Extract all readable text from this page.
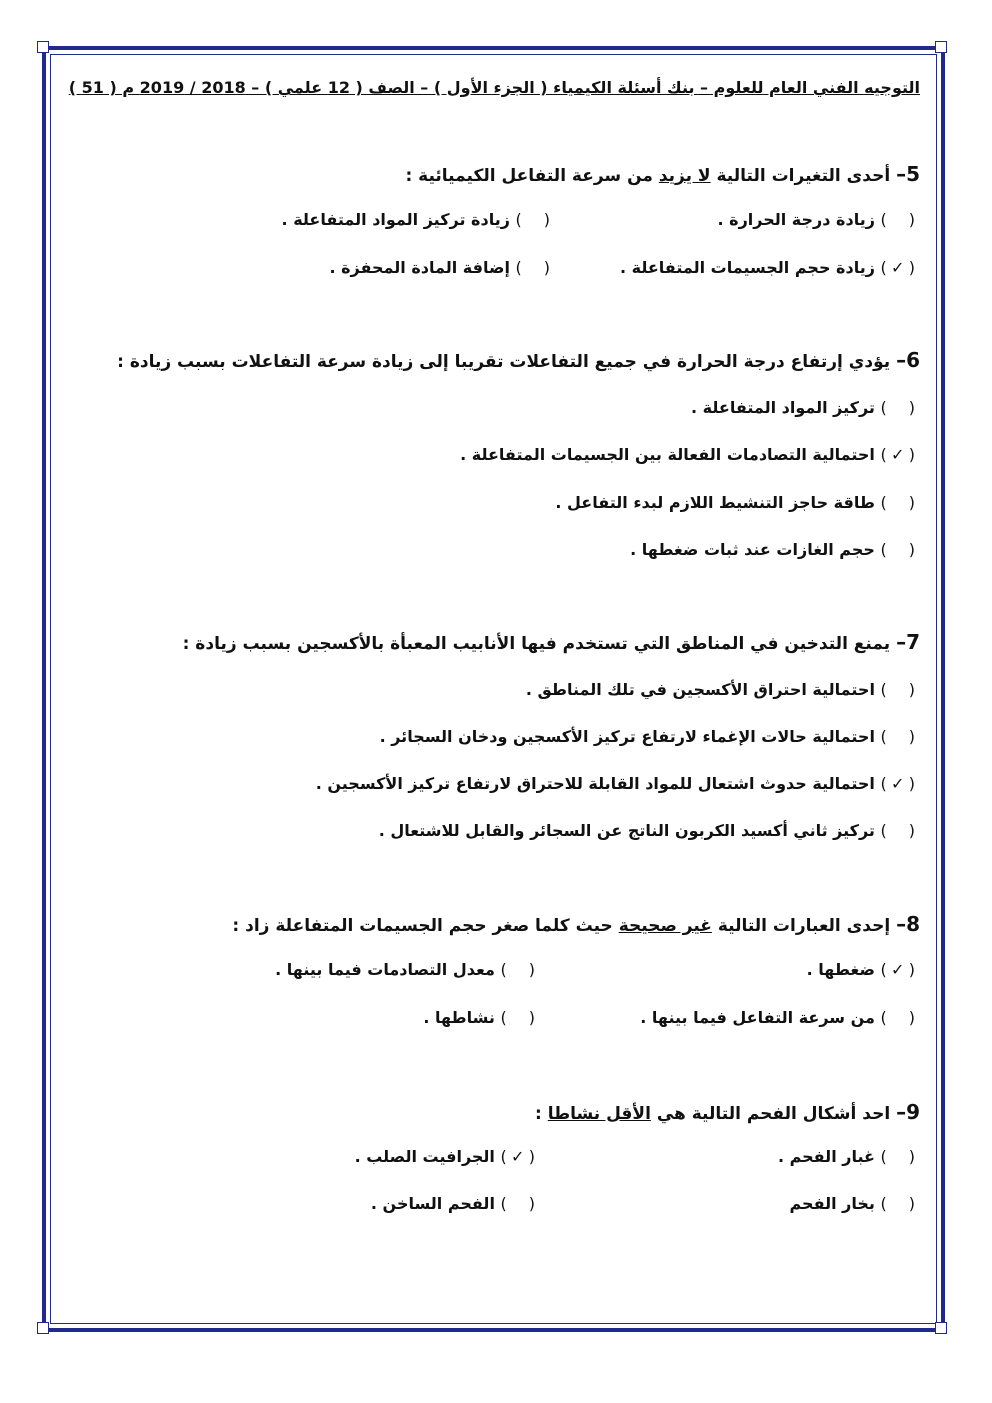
التوجيه الفني العام للعلوم – بنك أسئلة الكيمياء ( الجزء الأول ) – الصف ( 12 علمي ) – 2018 / 2019 م ( 51 )
5– أحدى التغيرات التالية لا يزيد من سرعة التفاعل الكيميائية :
() زيادة درجة الحرارة .
() زيادة تركيز المواد المتفاعلة .
(✓) زيادة حجم الجسيمات المتفاعلة .
() إضافة المادة المحفزة .
6– يؤدي إرتفاع درجة الحرارة في جميع التفاعلات تقريبا إلى زيادة سرعة التفاعلات بسبب زيادة :
() تركيز المواد المتفاعلة .
(✓) احتمالية التصادمات الفعالة بين الجسيمات المتفاعلة .
() طاقة حاجز التنشيط اللازم لبدء التفاعل .
() حجم الغازات عند ثبات ضغطها .
7– يمنع التدخين في المناطق التي تستخدم فيها الأنابيب المعبأة بالأكسجين بسبب زيادة :
() احتمالية احتراق الأكسجين في تلك المناطق .
() احتمالية حالات الإغماء لارتفاع تركيز الأكسجين ودخان السجائر .
(✓) احتمالية حدوث اشتعال للمواد القابلة للاحتراق لارتفاع تركيز الأكسجين .
() تركيز ثاني أكسيد الكربون الناتج عن السجائر والقابل للاشتعال .
8– إحدى العبارات التالية غير صحيحة حيث كلما صغر حجم الجسيمات المتفاعلة زاد :
(✓) ضغطها .
() معدل التصادمات فيما بينها .
() من سرعة التفاعل فيما بينها .
() نشاطها .
9– احد أشكال الفحم التالية هي الأقل نشاطا :
() غبار الفحم .
(✓) الجرافيت الصلب .
() بخار الفحم
() الفحم الساخن .
